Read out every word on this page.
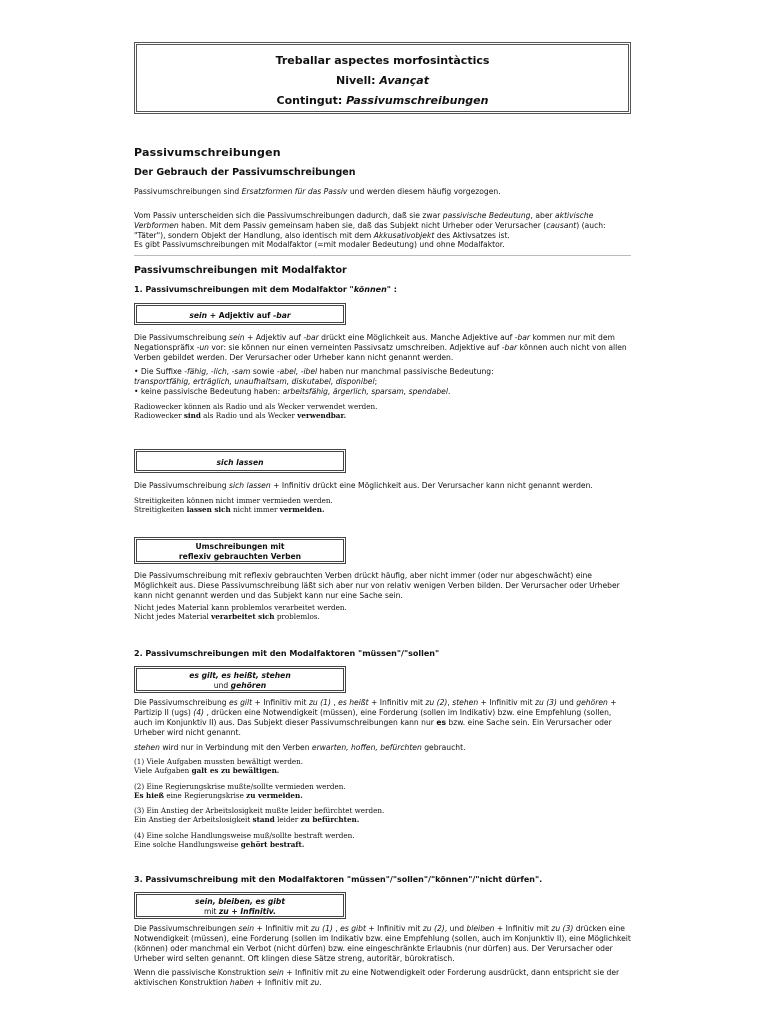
Treballar aspectes morfosintàctics
Nivell: Avançat
Contingut: Passivumschreibungen
Passivumschreibungen
Der Gebrauch der Passivumschreibungen

Passivumschreibungen sind Ersatzformen für das Passiv und werden diesem häufig vorgezogen.

Vom Passiv unterscheiden sich die Passivumschreibungen dadurch, daß sie zwar passivische Bedeutung, aber aktivische Verbformen haben. Mit dem Passiv gemeinsam haben sie, daß das Subjekt nicht Urheber oder Verursacher (causant) (auch: "Täter"), sondern Objekt der Handlung, also identisch mit dem Akkusativobjekt des Aktivsatzes ist.

Es gibt Passivumschreibungen mit Modalfaktor (=mit modaler Bedeutung) und ohne Modalfaktor.

Passivumschreibungen mit Modalfaktor
1. Passivumschreibungen mit dem Modalfaktor "können" :
sein + Adjektiv auf -bar

Die Passivumschreibung sein + Adjektiv auf -bar drückt eine Möglichkeit aus. Manche Adjektive auf -bar kommen nur mit dem Negationspräfix -un vor: sie können nur einen verneinten Passivsatz umschreiben. Adjektive auf -bar können auch nicht von allen Verben gebildet werden. Der Verursacher oder Urheber kann nicht genannt werden.

• Die Suffixe -fähig, -lich, -sam sowie -abel, -ibel haben nur manchmal passivische Bedeutung:
transportfähig, erträglich, unaufhaltsam, diskutabel, disponibel;
• keine passivische Bedeutung haben: arbeitsfähig, ärgerlich, sparsam, spendabel.

Radiowecker können als Radio und als Wecker verwendet werden.
Radiowecker sind als Radio und als Wecker verwendbar.
sich lassen

Die Passivumschreibung sich lassen + Infinitiv drückt eine Möglichkeit aus. Der Verursacher kann nicht genannt werden.

Streitigkeiten können nicht immer vermieden werden.
Streitigkeiten lassen sich nicht immer vermeiden.
Umschreibungen mit
reflexiv gebrauchten Verben

Die Passivumschreibung mit reflexiv gebrauchten Verben drückt häufig, aber nicht immer (oder nur abgeschwächt) eine Möglichkeit aus. Diese Passivumschreibung läßt sich aber nur von relativ wenigen Verben bilden. Der Verursacher oder Urheber kann nicht genannt werden und das Subjekt kann nur eine Sache sein.

Nicht jedes Material kann problemlos verarbeitet werden.
Nicht jedes Material verarbeitet sich problemlos.
2. Passivumschreibungen mit den Modalfaktoren "müssen"/"sollen"
es gilt, es heißt, stehen
und gehören

Die Passivumschreibung es gilt + Infinitiv mit zu (1) , es heißt + Infinitiv mit zu (2), stehen + Infinitiv mit zu (3) und gehören + Partizip II (ugs) (4) , drücken eine Notwendigkeit (müssen), eine Forderung (sollen im Indikativ) bzw. eine Empfehlung (sollen, auch im Konjunktiv II) aus. Das Subjekt dieser Passivumschreibungen kann nur es bzw. eine Sache sein. Ein Verursacher oder Urheber wird nicht genannt.

stehen wird nur in Verbindung mit den Verben erwarten, hoffen, befürchten gebraucht.

(1) Viele Aufgaben mussten bewältigt werden.
Viele Aufgaben galt es zu bewältigen.
(2) Eine Regierungskrise mußte/sollte vermieden werden.
Es hieß eine Regierungskrise zu vermeiden.
(3) Ein Anstieg der Arbeitslosigkeit mußte leider befürchtet werden.
Ein Anstieg der Arbeitslosigkeit stand leider zu befürchten.
(4) Eine solche Handlungsweise muß/sollte bestraft werden.
Eine solche Handlungsweise gehört bestraft.
3. Passivumschreibung mit den Modalfaktoren "müssen"/"sollen"/"können"/"nicht dürfen".
sein, bleiben, es gibt
mit zu + Infinitiv.

Die Passivumschreibungen sein + Infinitiv mit zu (1) , es gibt + Infinitiv mit zu (2), und bleiben + Infinitiv mit zu (3) drücken eine Notwendigkeit (müssen), eine Forderung (sollen im Indikativ bzw. eine Empfehlung (sollen, auch im Konjunktiv II), eine Möglichkeit (können) oder manchmal ein Verbot (nicht dürfen) bzw. eine eingeschränkte Erlaubnis (nur dürfen) aus. Der Verursacher oder Urheber wird selten genannt. Oft klingen diese Sätze streng, autoritär, bürokratisch.

Wenn die passivische Konstruktion sein + Infinitiv mit zu eine Notwendigkeit oder Forderung ausdrückt, dann entspricht sie der aktivischen Konstruktion haben + Infinitiv mit zu.
